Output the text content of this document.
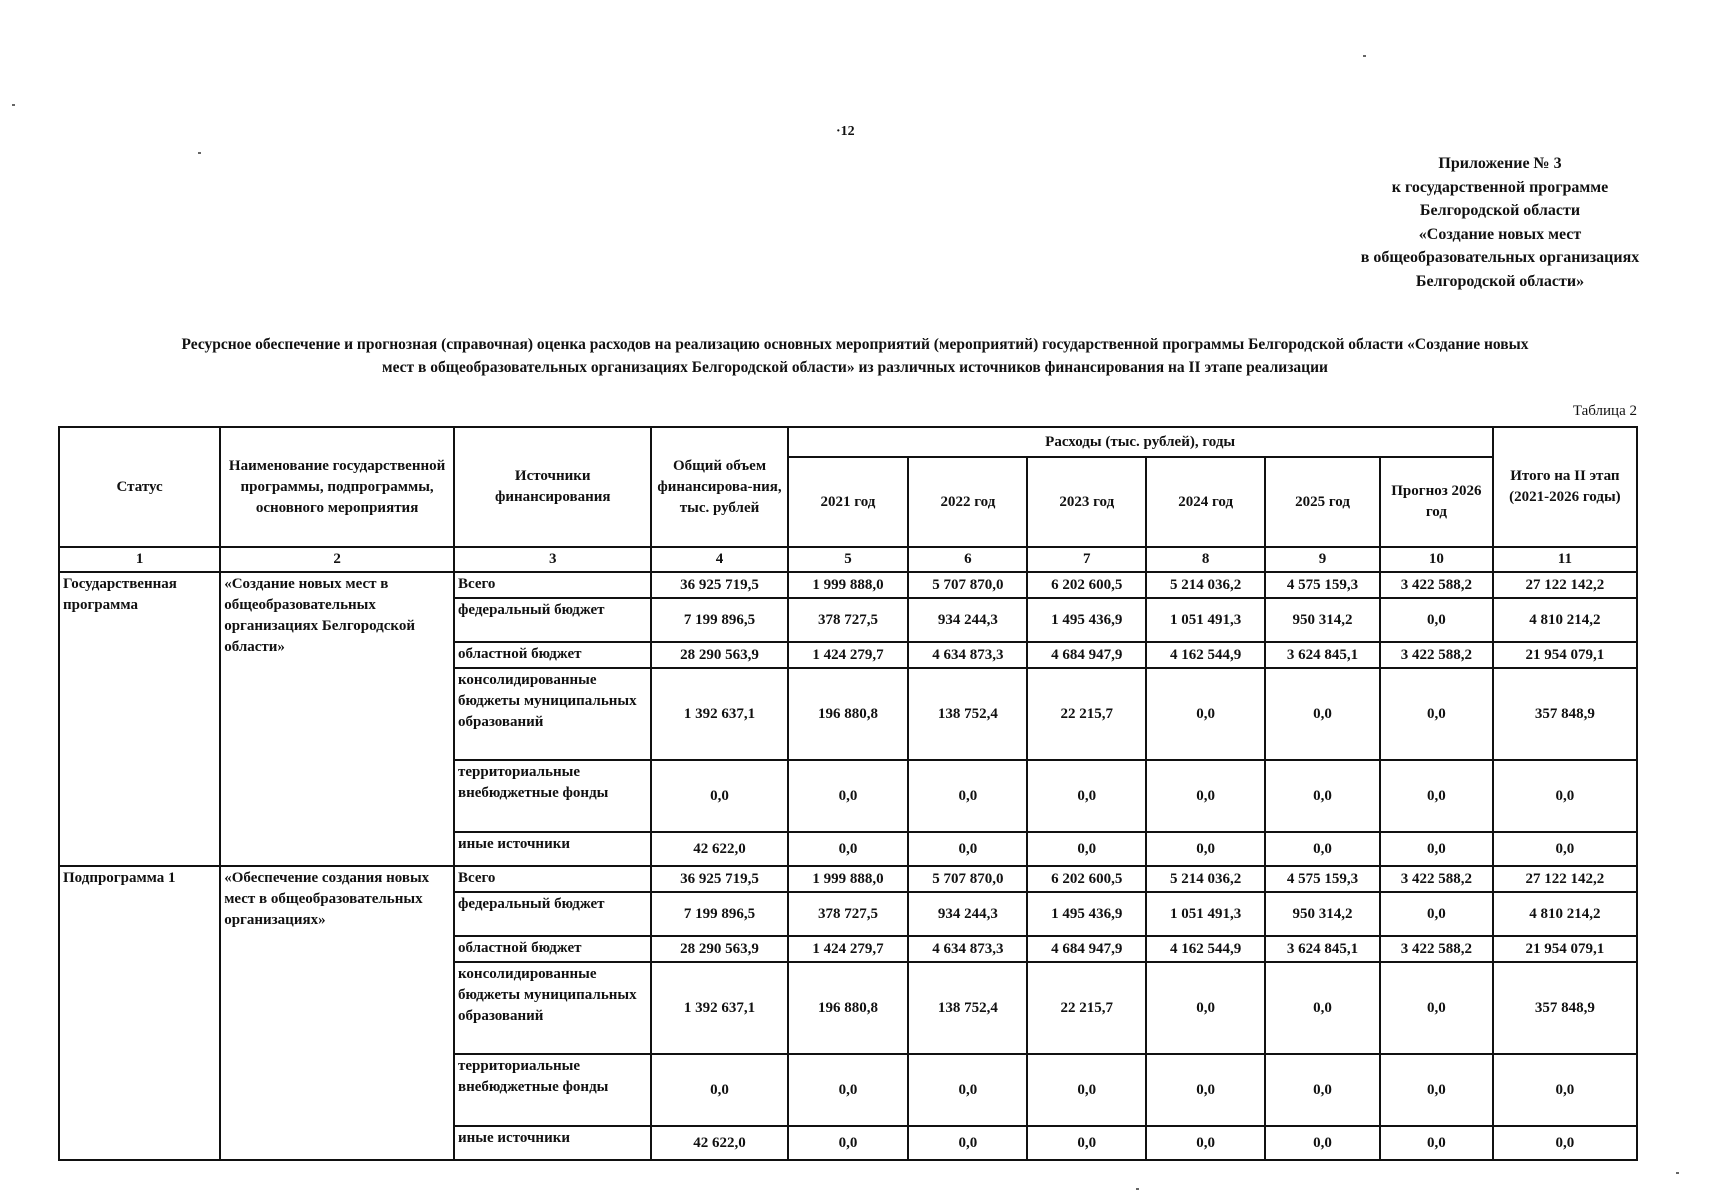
·12
Приложение № 3
к государственной программе
Белгородской области
«Создание новых мест
в общеобразовательных организациях
Белгородской области»
Ресурсное обеспечение и прогнозная (справочная) оценка расходов на реализацию основных мероприятий (мероприятий) государственной программы Белгородской области «Создание новых
мест в общеобразовательных организациях Белгородской области» из различных источников финансирования на II этапе реализации
Таблица 2
Статус	Наименование государственной программы, подпрограммы, основного мероприятия	Источники финансирования	Общий объем финансирова-ния, тыс. рублей	Расходы (тыс. рублей), годы						Итого на II этап (2021-2026 годы)
				2021 год	2022 год	2023 год	2024 год	2025 год	Прогноз 2026 год	
1	2	3	4	5	6	7	8	9	10	11
Государственная программа	«Создание новых мест в общеобразовательных организациях Белгородской области»	Всего	36 925 719,5	1 999 888,0	5 707 870,0	6 202 600,5	5 214 036,2	4 575 159,3	3 422 588,2	27 122 142,2
		федеральный бюджет	7 199 896,5	378 727,5	934 244,3	1 495 436,9	1 051 491,3	950 314,2	0,0	4 810 214,2
		областной бюджет	28 290 563,9	1 424 279,7	4 634 873,3	4 684 947,9	4 162 544,9	3 624 845,1	3 422 588,2	21 954 079,1
		консолидированные бюджеты муниципальных образований	1 392 637,1	196 880,8	138 752,4	22 215,7	0,0	0,0	0,0	357 848,9
		территориальные внебюджетные фонды	0,0	0,0	0,0	0,0	0,0	0,0	0,0	0,0
		иные источники	42 622,0	0,0	0,0	0,0	0,0	0,0	0,0	0,0
Подпрограмма 1	«Обеспечение создания новых мест в общеобразовательных организациях»	Всего	36 925 719,5	1 999 888,0	5 707 870,0	6 202 600,5	5 214 036,2	4 575 159,3	3 422 588,2	27 122 142,2
		федеральный бюджет	7 199 896,5	378 727,5	934 244,3	1 495 436,9	1 051 491,3	950 314,2	0,0	4 810 214,2
		областной бюджет	28 290 563,9	1 424 279,7	4 634 873,3	4 684 947,9	4 162 544,9	3 624 845,1	3 422 588,2	21 954 079,1
		консолидированные бюджеты муниципальных образований	1 392 637,1	196 880,8	138 752,4	22 215,7	0,0	0,0	0,0	357 848,9
		территориальные внебюджетные фонды	0,0	0,0	0,0	0,0	0,0	0,0	0,0	0,0
		иные источники	42 622,0	0,0	0,0	0,0	0,0	0,0	0,0	0,0
